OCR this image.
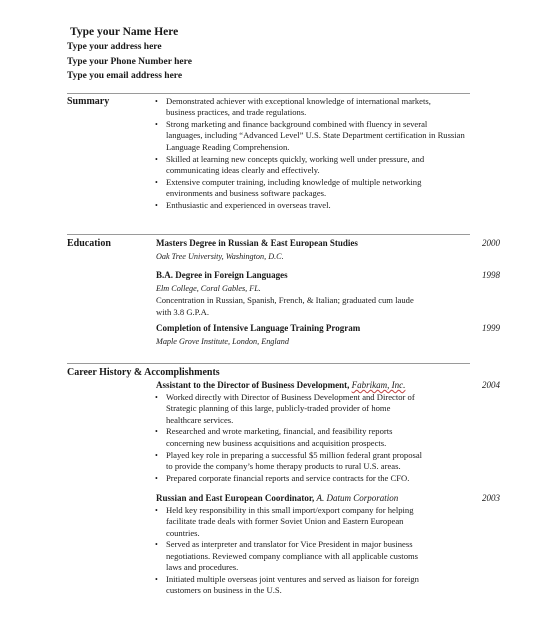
Type your Name Here
Type your address here
Type your Phone Number here
Type you email address here
Summary	• Demonstrated achiever with exceptional knowledge of international markets,
business practices, and trade regulations.
• Strong marketing and finance background combined with fluency in several
languages, including “Advanced Level” U.S. State Department certification in Russian
Language Reading Comprehension.
• Skilled at learning new concepts quickly, working well under pressure, and
communicating ideas clearly and effectively.
• Extensive computer training, including knowledge of multiple networking
environments and business software packages.
• Enthusiastic and experienced in overseas travel.
Education	Masters Degree in Russian & East European Studies	2000
Oak Tree University, Washington, D.C.
B.A. Degree in Foreign Languages	1998
Elm College, Coral Gables, FL.
Concentration in Russian, Spanish, French, & Italian; graduated cum laude
with 3.8 G.P.A.
Completion of Intensive Language Training Program	1999
Maple Grove Institute, London, England
Career History & Accomplishments
Assistant to the Director of Business Development, Fabrikam, Inc.	2004
• Worked directly with Director of Business Development and Director of
Strategic planning of this large, publicly-traded provider of home
healthcare services.
• Researched and wrote marketing, financial, and feasibility reports
concerning new business acquisitions and acquisition prospects.
• Played key role in preparing a successful $5 million federal grant proposal
to provide the company’s home therapy products to rural U.S. areas.
• Prepared corporate financial reports and service contracts for the CFO.
Russian and East European Coordinator, A. Datum Corporation	2003
• Held key responsibility in this small import/export company for helping
facilitate trade deals with former Soviet Union and Eastern European
countries.
• Served as interpreter and translator for Vice President in major business
negotiations. Reviewed company compliance with all applicable customs
laws and procedures.
• Initiated multiple overseas joint ventures and served as liaison for foreign
customers on business in the U.S.
